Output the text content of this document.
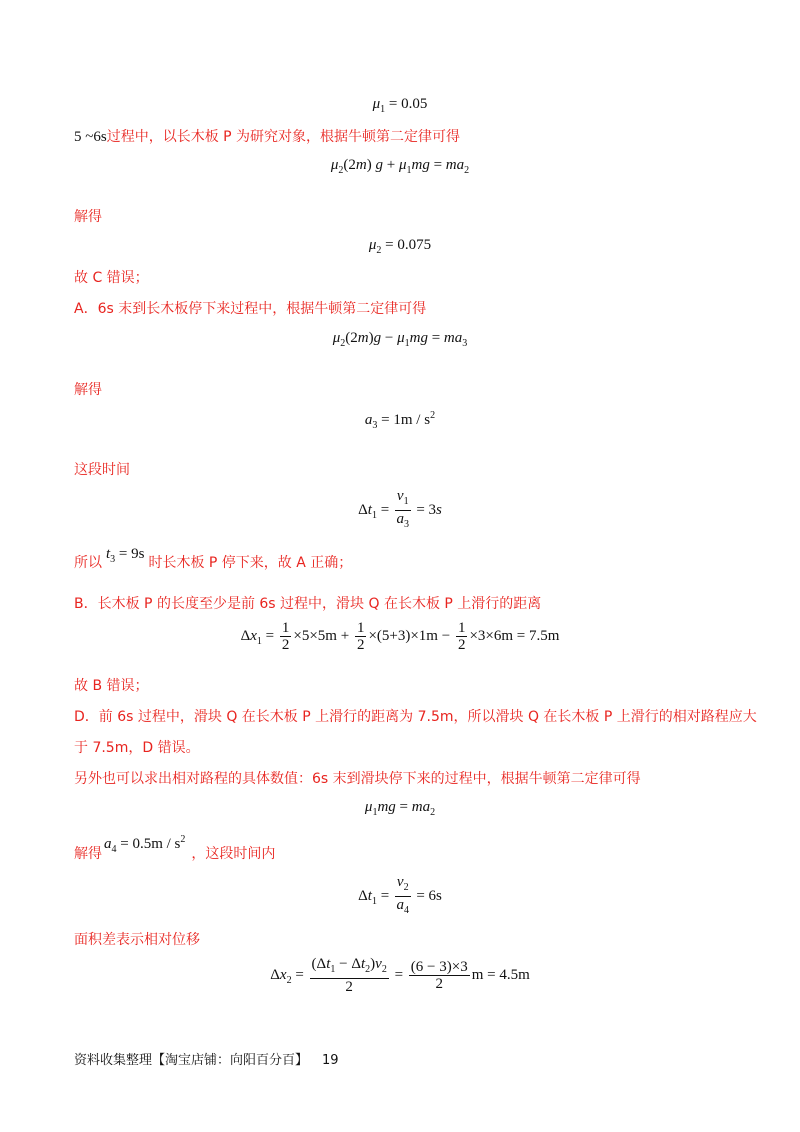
$\mu_1 = 0.05$
5 ~6s过程中，以长木板 P 为研究对象，根据牛顿第二定律可得
$\mu_2(2m) g + \mu_1mg = ma_2$
解得
$\mu_2 = 0.075$
故 C 错误；
A．6s 末到长木板停下来过程中，根据牛顿第二定律可得
$\mu_2(2m)g - \mu_1mg = ma_3$
解得
$a_3 = 1m / s^2$
这段时间
$\Delta t_1 = \frac{v_1}{a_3} = 3s$
所以$t_3 = 9s$时长木板 P 停下来，故 A 正确；
B．长木板 P 的长度至少是前 6s 过程中，滑块 Q 在长木板 P 上滑行的距离
$\Delta x_1 = \frac{1}{2} \times 5\times 5m + \frac{1}{2} \times(5+3)\times 1m - \frac{1}{2} \times 3\times 6m = 7.5m$
故 B 错误；
D．前 6s 过程中，滑块 Q 在长木板 P 上滑行的距离为 7.5m，所以滑块 Q 在长木板 P 上滑行的相对路程应大
于 7.5m，D 错误。
另外也可以求出相对路程的具体数值：6s 末到滑块停下来的过程中，根据牛顿第二定律可得
$\mu_1mg = ma_2$
解得$a_4 = 0.5m / s^2$，这段时间内
$\Delta t_1 = \frac{v_2}{a_4} = 6s$
面积差表示相对位移
$\Delta x_2 = \frac{(\Delta t_1 - \Delta t_2)v_2}{2} = \frac{(6 - 3)\times 3}{2}$ m = 4.5m
资料收集整理【淘宝店铺：向阳百分百】 19
